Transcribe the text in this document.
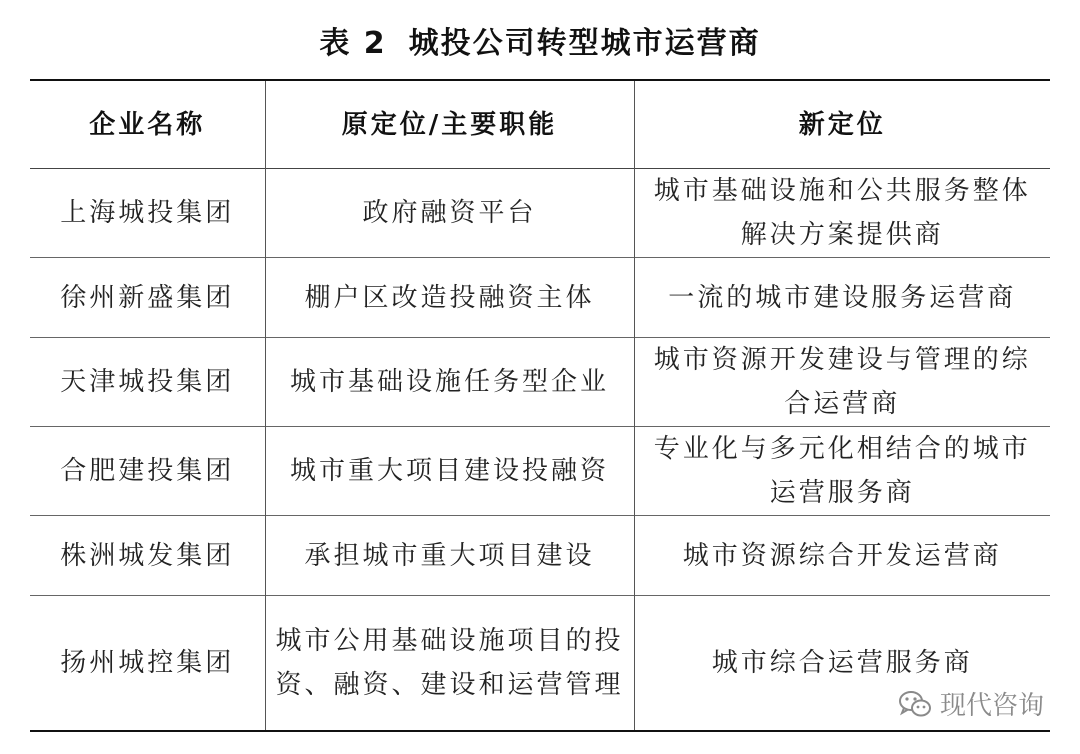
表 2 城投公司转型城市运营商
企业名称	原定位/主要职能	新定位
上海城投集团	政府融资平台	城市基础设施和公共服务整体解决方案提供商
徐州新盛集团	棚户区改造投融资主体	一流的城市建设服务运营商
天津城投集团	城市基础设施任务型企业	城市资源开发建设与管理的综合运营商
合肥建投集团	城市重大项目建设投融资	专业化与多元化相结合的城市运营服务商
株洲城发集团	承担城市重大项目建设	城市资源综合开发运营商
扬州城控集团	城市公用基础设施项目的投资、融资、建设和运营管理	城市综合运营服务商
现代咨询
